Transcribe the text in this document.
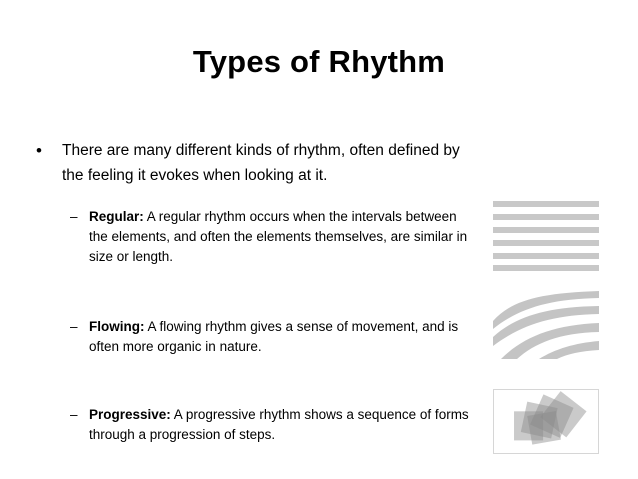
Types of Rhythm
• There are many different kinds of rhythm, often defined by the feeling it evokes when looking at it.
– Regular: A regular rhythm occurs when the intervals between the elements, and often the elements themselves, are similar in size or length.
– Flowing: A flowing rhythm gives a sense of movement, and is often more organic in nature.
– Progressive: A progressive rhythm shows a sequence of forms through a progression of steps.
